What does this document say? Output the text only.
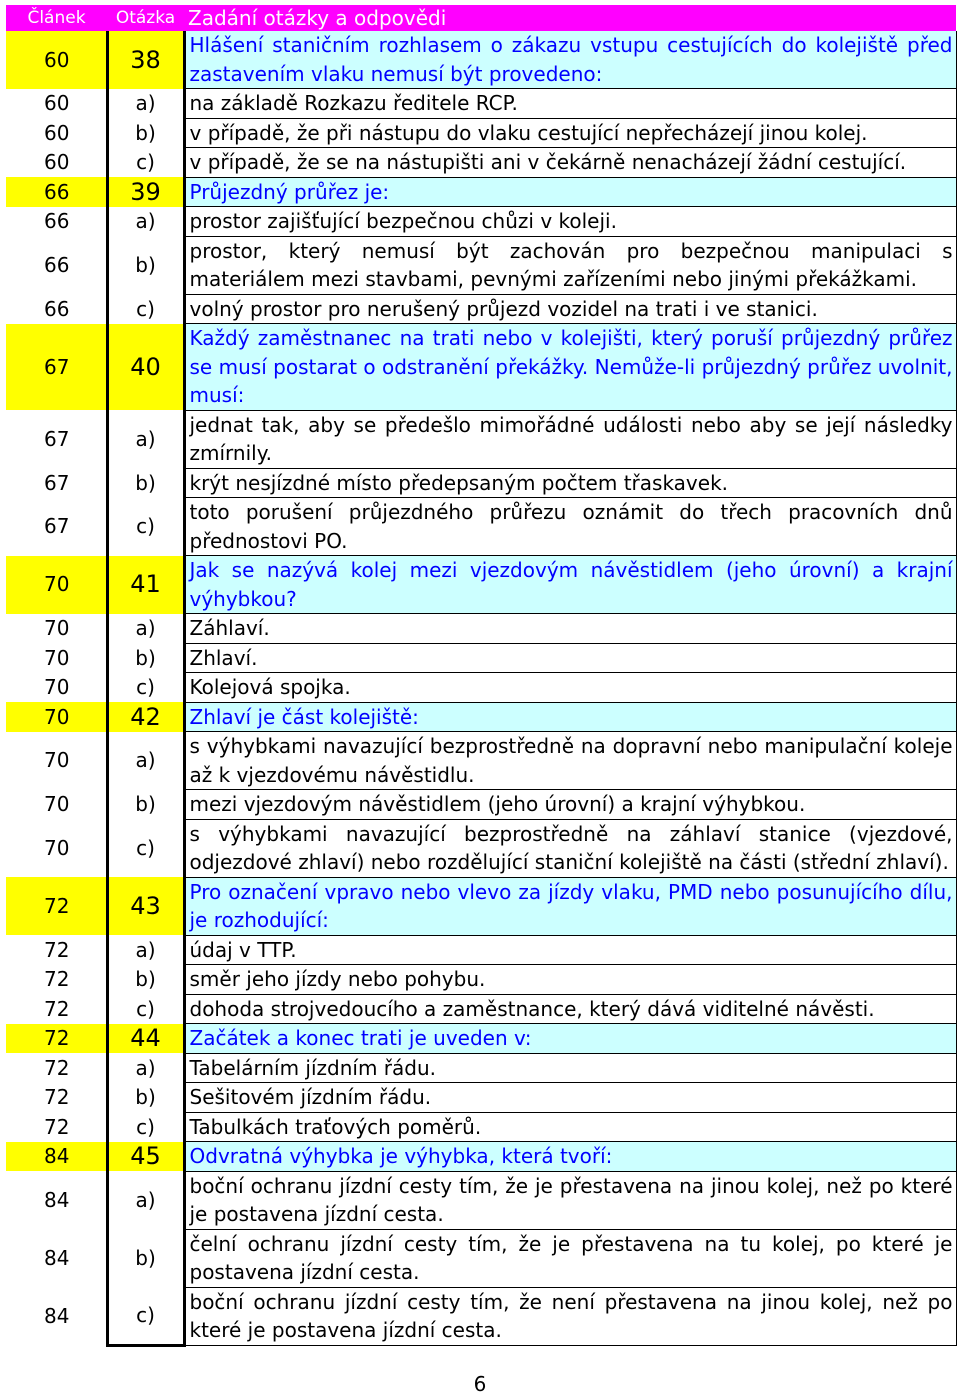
Článek	Otázka	Zadání otázky a odpovědi
60	38	Hlášení staničním rozhlasem o zákazu vstupu cestujících do kolejiště před zastavením vlaku nemusí být provedeno:
60	a)	na základě Rozkazu ředitele RCP.
60	b)	v případě, že při nástupu do vlaku cestující nepřecházejí jinou kolej.
60	c)	v případě, že se na nástupišti ani v čekárně nenacházejí žádní cestující.
66	39	Průjezdný průřez je:
66	a)	prostor zajišťující bezpečnou chůzi v koleji.
66	b)	prostor, který nemusí být zachován pro bezpečnou manipulaci s materiálem mezi stavbami, pevnými zařízeními nebo jinými překážkami.
66	c)	volný prostor pro nerušený průjezd vozidel na trati i ve stanici.
67	40	Každý zaměstnanec na trati nebo v kolejišti, který poruší průjezdný průřez se musí postarat o odstranění překážky. Nemůže-li průjezdný průřez uvolnit, musí:
67	a)	jednat tak, aby se předešlo mimořádné události nebo aby se její následky zmírnily.
67	b)	krýt nesjízdné místo předepsaným počtem třaskavek.
67	c)	toto porušení průjezdného průřezu oznámit do třech pracovních dnů přednostovi PO.
70	41	Jak se nazývá kolej mezi vjezdovým návěstidlem (jeho úrovní) a krajní výhybkou?
70	a)	Záhlaví.
70	b)	Zhlaví.
70	c)	Kolejová spojka.
70	42	Zhlaví je část kolejiště:
70	a)	s výhybkami navazující bezprostředně na dopravní nebo manipulační koleje až k vjezdovému návěstidlu.
70	b)	mezi vjezdovým návěstidlem (jeho úrovní) a krajní výhybkou.
70	c)	s výhybkami navazující bezprostředně na záhlaví stanice (vjezdové, odjezdové zhlaví) nebo rozdělující staniční kolejiště na části (střední zhlaví).
72	43	Pro označení vpravo nebo vlevo za jízdy vlaku, PMD nebo posunujícího dílu, je rozhodující:
72	a)	údaj v TTP.
72	b)	směr jeho jízdy nebo pohybu.
72	c)	dohoda strojvedoucího a zaměstnance, který dává viditelné návěsti.
72	44	Začátek a konec trati je uveden v:
72	a)	Tabelárním jízdním řádu.
72	b)	Sešitovém jízdním řádu.
72	c)	Tabulkách traťových poměrů.
84	45	Odvratná výhybka je výhybka, která tvoří:
84	a)	boční ochranu jízdní cesty tím, že je přestavena na jinou kolej, než po které je postavena jízdní cesta.
84	b)	čelní ochranu jízdní cesty tím, že je přestavena na tu kolej, po které je postavena jízdní cesta.
84	c)	boční ochranu jízdní cesty tím, že není přestavena na jinou kolej, než po které je postavena jízdní cesta.
6
